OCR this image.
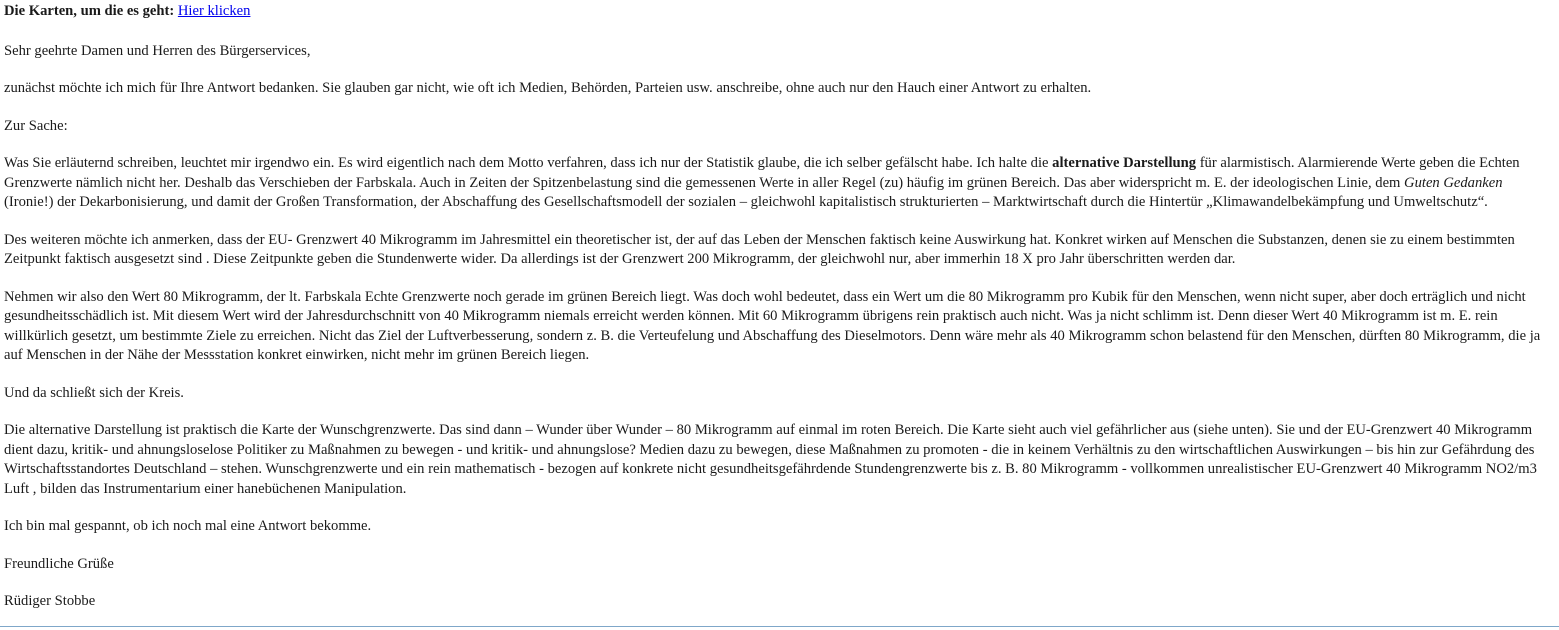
Die Karten, um die es geht: Hier klicken

Sehr geehrte Damen und Herren des Bürgerservices,

zunächst möchte ich mich für Ihre Antwort bedanken. Sie glauben gar nicht, wie oft ich Medien, Behörden, Parteien usw. anschreibe, ohne auch nur den Hauch einer Antwort zu erhalten.

Zur Sache:

Was Sie erläuternd schreiben, leuchtet mir irgendwo ein. Es wird eigentlich nach dem Motto verfahren, dass ich nur der Statistik glaube, die ich selber gefälscht habe. Ich halte die alternative Darstellung für alarmistisch. Alarmierende Werte geben die Echten Grenzwerte nämlich nicht her. Deshalb das Verschieben der Farbskala. Auch in Zeiten der Spitzenbelastung sind die gemessenen Werte in aller Regel (zu) häufig im grünen Bereich. Das aber widerspricht m. E. der ideologischen Linie, dem Guten Gedanken (Ironie!) der Dekarbonisierung, und damit der Großen Transformation, der Abschaffung des Gesellschaftsmodell der sozialen – gleichwohl kapitalistisch strukturierten – Marktwirtschaft durch die Hintertür „Klimawandelbekämpfung und Umweltschutz“.

Des weiteren möchte ich anmerken, dass der EU- Grenzwert 40 Mikrogramm im Jahresmittel ein theoretischer ist, der auf das Leben der Menschen faktisch keine Auswirkung hat. Konkret wirken auf Menschen die Substanzen, denen sie zu einem bestimmten Zeitpunkt faktisch ausgesetzt sind . Diese Zeitpunkte geben die Stundenwerte wider. Da allerdings ist der Grenzwert 200 Mikrogramm, der gleichwohl nur, aber immerhin 18 X pro Jahr überschritten werden dar.

Nehmen wir also den Wert 80 Mikrogramm, der lt. Farbskala Echte Grenzwerte noch gerade im grünen Bereich liegt. Was doch wohl bedeutet, dass ein Wert um die 80 Mikrogramm pro Kubik für den Menschen, wenn nicht super, aber doch erträglich und nicht gesundheitsschädlich ist. Mit diesem Wert wird der Jahresdurchschnitt von 40 Mikrogramm niemals erreicht werden können. Mit 60 Mikrogramm übrigens rein praktisch auch nicht. Was ja nicht schlimm ist. Denn dieser Wert 40 Mikrogramm ist m. E. rein willkürlich gesetzt, um bestimmte Ziele zu erreichen. Nicht das Ziel der Luftverbesserung, sondern z. B. die Verteufelung und Abschaffung des Dieselmotors. Denn wäre mehr als 40 Mikrogramm schon belastend für den Menschen, dürften 80 Mikrogramm, die ja auf Menschen in der Nähe der Messstation konkret einwirken, nicht mehr im grünen Bereich liegen.

Und da schließt sich der Kreis.

Die alternative Darstellung ist praktisch die Karte der Wunschgrenzwerte. Das sind dann – Wunder über Wunder – 80 Mikrogramm auf einmal im roten Bereich. Die Karte sieht auch viel gefährlicher aus (siehe unten). Sie und der EU-Grenzwert 40 Mikrogramm dient dazu, kritik- und ahnungsloselose Politiker zu Maßnahmen zu bewegen - und kritik- und ahnungslose? Medien dazu zu bewegen, diese Maßnahmen zu promoten - die in keinem Verhältnis zu den wirtschaftlichen Auswirkungen – bis hin zur Gefährdung des Wirtschaftsstandortes Deutschland – stehen. Wunschgrenzwerte und ein rein mathematisch - bezogen auf konkrete nicht gesundheitsgefährdende Stundengrenzwerte bis z. B. 80 Mikrogramm - vollkommen unrealistischer EU-Grenzwert 40 Mikrogramm NO2/m3 Luft , bilden das Instrumentarium einer hanebüchenen Manipulation.

Ich bin mal gespannt, ob ich noch mal eine Antwort bekomme.

Freundliche Grüße

Rüdiger Stobbe
